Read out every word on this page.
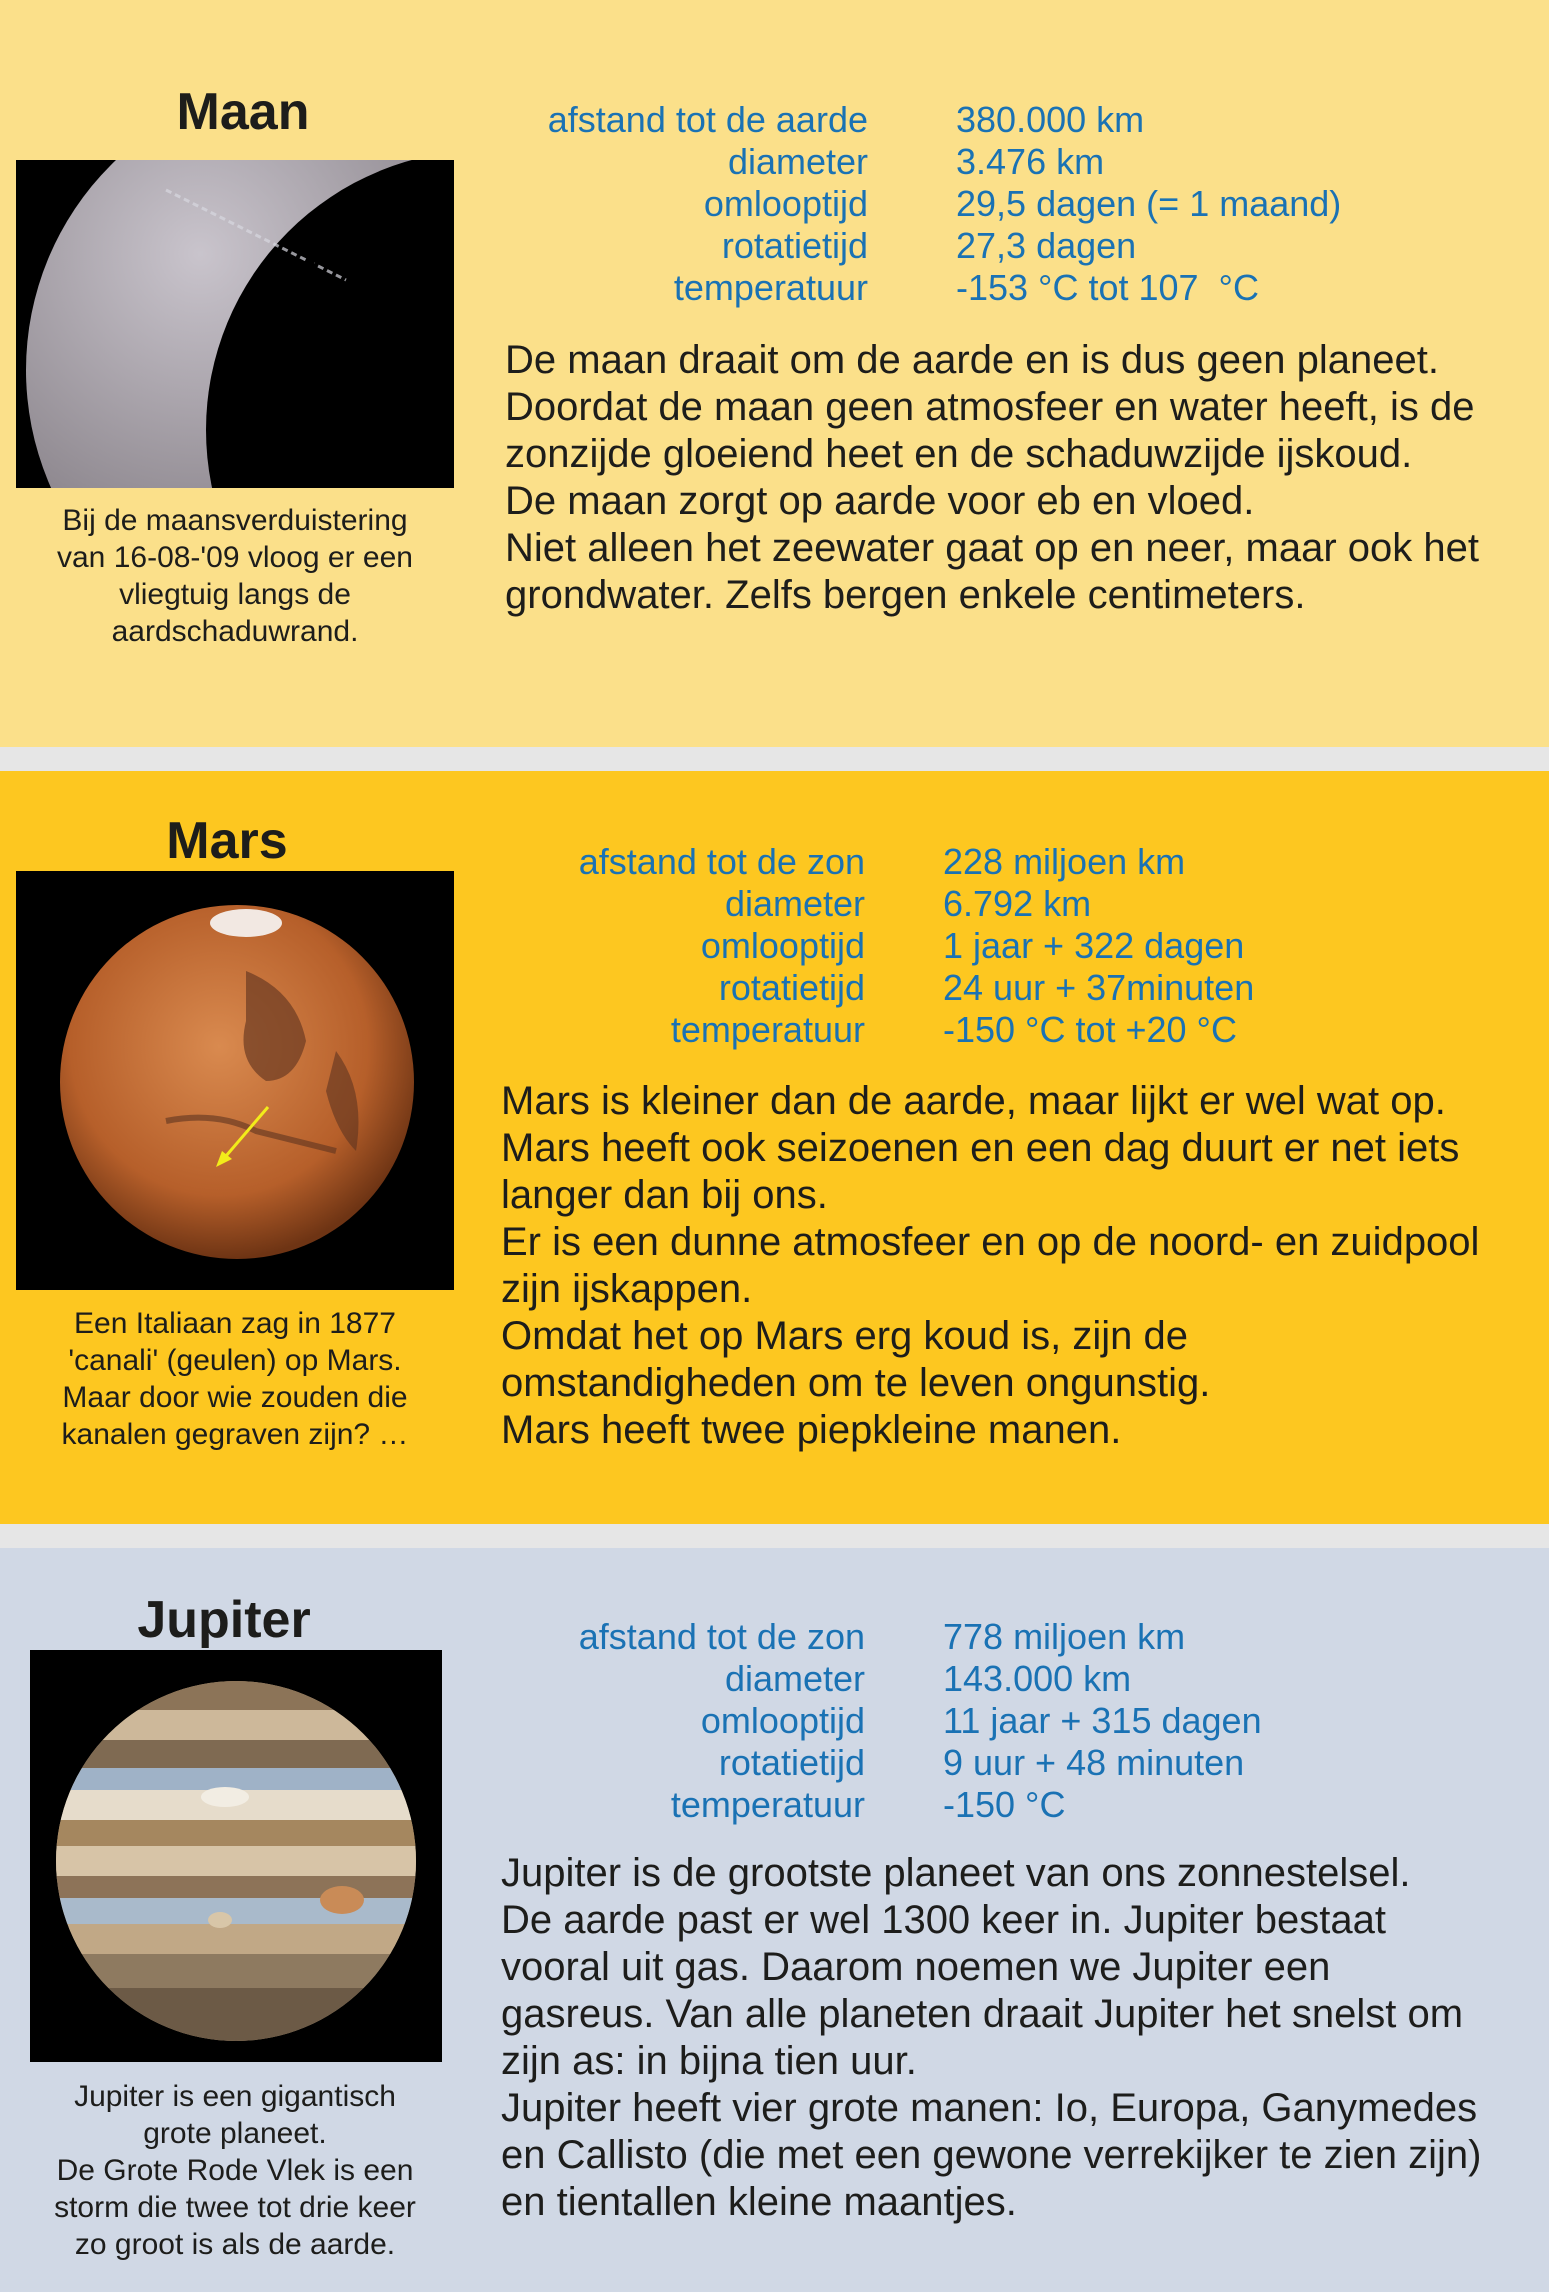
Maan

Bij de maansverduistering
van 16-08-'09 vloog er een
vliegtuig langs de
aardschaduwrand.

afstand tot de aarde 380.000 km
diameter 3.476 km
omlooptijd 29,5 dagen (= 1 maand)
rotatietijd 27,3 dagen
temperatuur -153 °C tot 107  °C

De maan draait om de aarde en is dus geen planeet.
Doordat de maan geen atmosfeer en water heeft, is de
zonzijde gloeiend heet en de schaduwzijde ijskoud.
De maan zorgt op aarde voor eb en vloed.
Niet alleen het zeewater gaat op en neer, maar ook het
grondwater. Zelfs bergen enkele centimeters.

Mars

Een Italiaan zag in 1877
'canali' (geulen) op Mars.
Maar door wie zouden die
kanalen gegraven zijn? …

afstand tot de zon 228 miljoen km
diameter 6.792 km
omlooptijd 1 jaar + 322 dagen
rotatietijd 24 uur + 37minuten
temperatuur -150 °C tot +20 °C

Mars is kleiner dan de aarde, maar lijkt er wel wat op.
Mars heeft ook seizoenen en een dag duurt er net iets
langer dan bij ons.
Er is een dunne atmosfeer en op de noord- en zuidpool
zijn ijskappen.
Omdat het op Mars erg koud is, zijn de
omstandigheden om te leven ongunstig.
Mars heeft twee piepkleine manen.

Jupiter

Jupiter is een gigantisch
grote planeet.
De Grote Rode Vlek is een
storm die twee tot drie keer
zo groot is als de aarde.

afstand tot de zon 778 miljoen km
diameter 143.000 km
omlooptijd 11 jaar + 315 dagen
rotatietijd 9 uur + 48 minuten
temperatuur -150 °C

Jupiter is de grootste planeet van ons zonnestelsel.
De aarde past er wel 1300 keer in. Jupiter bestaat
vooral uit gas. Daarom noemen we Jupiter een
gasreus. Van alle planeten draait Jupiter het snelst om
zijn as: in bijna tien uur.
Jupiter heeft vier grote manen: Io, Europa, Ganymedes
en Callisto (die met een gewone verrekijker te zien zijn)
en tientallen kleine maantjes.
